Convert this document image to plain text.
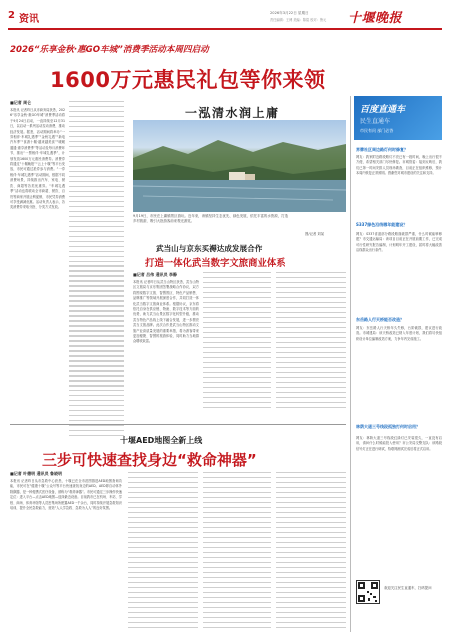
2 资讯
2026年3月22日 星期日
责任编辑：王博 美编：陈铭 校对：鲁元 十堰晚报
2026“乐享金秋·惠GO车城”消费季活动本周四启动
1600万元惠民礼包等你来领
■记者 周仑
本报讯 记者昨日从市商务局获悉，2026“乐享金秋·惠GO车城”消费季活动将于9月24日启动，一直持续至12月31日，以启动一系列活动拉动消费，推动经济发展。据悉，活动期间将举办“一券相伴·车城礼遇季”“金秋礼遇”“新电汽车季”“食游十堰·越来越美食”“暖暖通通·惠享消费季”等活动及每月消费环节，推出“一票相伴·车城礼遇季”，计划发放1600万元惠民消费券。消费券将通过“十堰晚报”“云上十堰”等平台发放，市民可通过抢券参与消费。“一券相伴·车城礼遇季”活动期间，根据不同消费场景，持续推出汽车、家电、餐饮、商超等各类优惠券。“车城礼遇季”活动也将联动全市商超、餐饮、百货等商家开展让利促销，市民凭券消费可享受满减优惠。活动负责人表示，各类消费券采取分批、分类方式发放。
一泓清水润上庸
9月19日，市民在上庸镇景区游玩。近年来，该镇坚持生态优先、绿色发展，依托丰富的水资源，打造乡村旅游，吸引大批游客前来观光游览。
图/记者 刘某
武当山与京东买褥达成发展合作
打造一体化武当数字文旅商业体系
■记者 吕伟 通讯员 李静
本报讯 记者昨日从武当山特区获悉，武当山特区文旅局与京东集团签署战略合作协议，双方将围绕数字文旅、智慧景区、特色产品销售、品牌推广等领域开展深度合作，共同打造一体化武当数字文旅商业体系。根据协议，京东将依托自身在供应链、物流、数字技术等方面的优势，助力武当山景区数字化转型升级，推动武当特色产品线上线下融合发展，进一步擦亮武当文旅品牌。此次合作是武当山特区推动文旅产业高质量发展的重要举措，将为游客带来更加便捷、智慧的旅游体验，同时助力当地群众增收致富。
十堰AED地图全新上线
三步可快速查找身边“救命神器”
■记者 叶德明 通讯员 鲁晓明
本报讯 记者昨日从市急救中心获悉，十堰已在全市范围推进AED地图查询功能，市民可在“健康十堰”公众号等平台快速查找身边的AED。AED即自动体外除颤器，是一种便携式医疗设备，被称为“救命神器”。市民可通过三步操作快速定位：进入平台—点击AED地图—选择最近设备。目前我市已在机场、车站、学校、商场、体育场馆等人员密集场所配置AED一千余台，同时持续开展急救知识培训，提升全民急救能力，营造“人人学急救、急救为人人”的良好氛围。
百度直通车
民生直通车
市民有问 部门必答
界牌社区周边路灯何时修复？
网友：我家附近路段路灯不亮已有一段时间，晚上出行很不方便，希望相关部门尽快修复。市城管委：接到反映后，我们已第一时间安排人员现场勘查，目前正在组织维修，预计本周内恢复正常照明。感谢您对城市建设的关注和支持。
S337绿色沿线哪年能建设？
网友：S337省道部分路段路面破损严重，什么时候能够修建？市交通运输局：该项目目前正在开展前期工作，已完成可行性研究报告编制，计划明年开工建设，届时将大幅改善沿线群众出行条件。
东岳路人行天桥能否改造？
网友：东岳路人行天桥年久失修，台阶破损，建议进行改造。市城建局：该天桥改造已纳入年度计划，我们将尽快组织设计单位编制改造方案，力争年内完成施工。
林荫大道三号线段孤独打何时启用？
网友：林荫大道三号线段红绿灯已安装很久，一直没有启用，请问什么时候能投入使用？市公安局交警支队：该路段信号灯正在进行调试，待联网测试完成后将正式启用。
欢迎关注民生直通车，扫码提问
